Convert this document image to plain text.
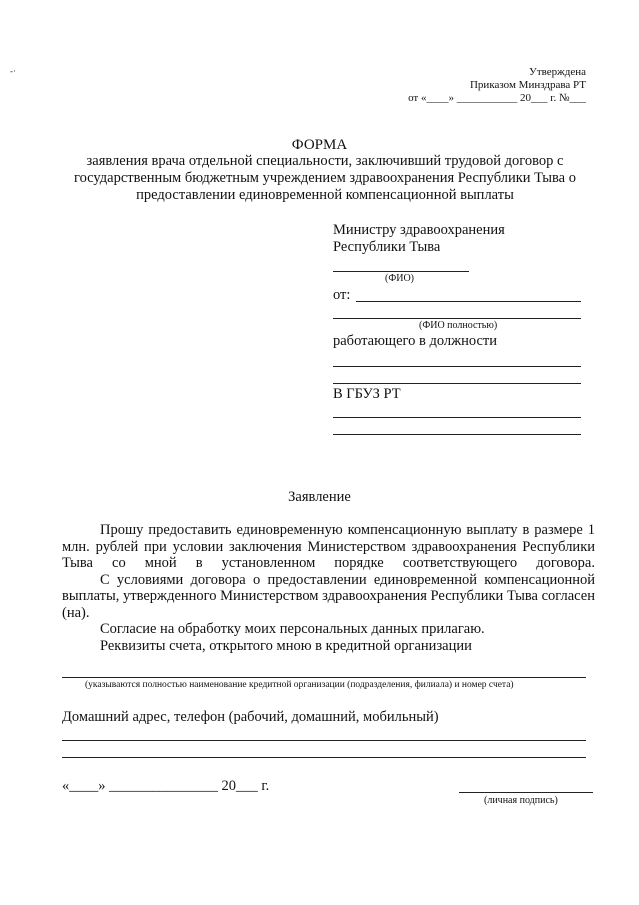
-·	Утверждена
Приказом Минздрава РТ
от «____» ___________ 20___ г. №___
ФОРМА
заявления врача отдельной специальности, заключивший трудовой договор с государственным бюджетным учреждением здравоохранения Республики Тыва о предоставлении единовременной компенсационной выплаты
Министру здравоохранения
Республики Тыва
(ФИО)
от:
(ФИО полностью)
работающего в должности
В ГБУЗ РТ
Заявление

Прошу предоставить единовременную компенсационную выплату в размере 1 млн. рублей при условии заключения Министерством здравоохранения Республики Тыва со мной в установленном порядке соответствующего договора.

С условиями договора о предоставлении единовременной компенсационной выплаты, утвержденного Министерством здравоохранения Республики Тыва согласен (на).

Согласие на обработку моих персональных данных прилагаю.

Реквизиты счета, открытого мною в кредитной организации

(указываются полностью наименование кредитной организации (подразделения, филиала) и номер счета)
Домашний адрес, телефон (рабочий, домашний, мобильный)
«____» _______________ 20___ г.
(личная подпись)
